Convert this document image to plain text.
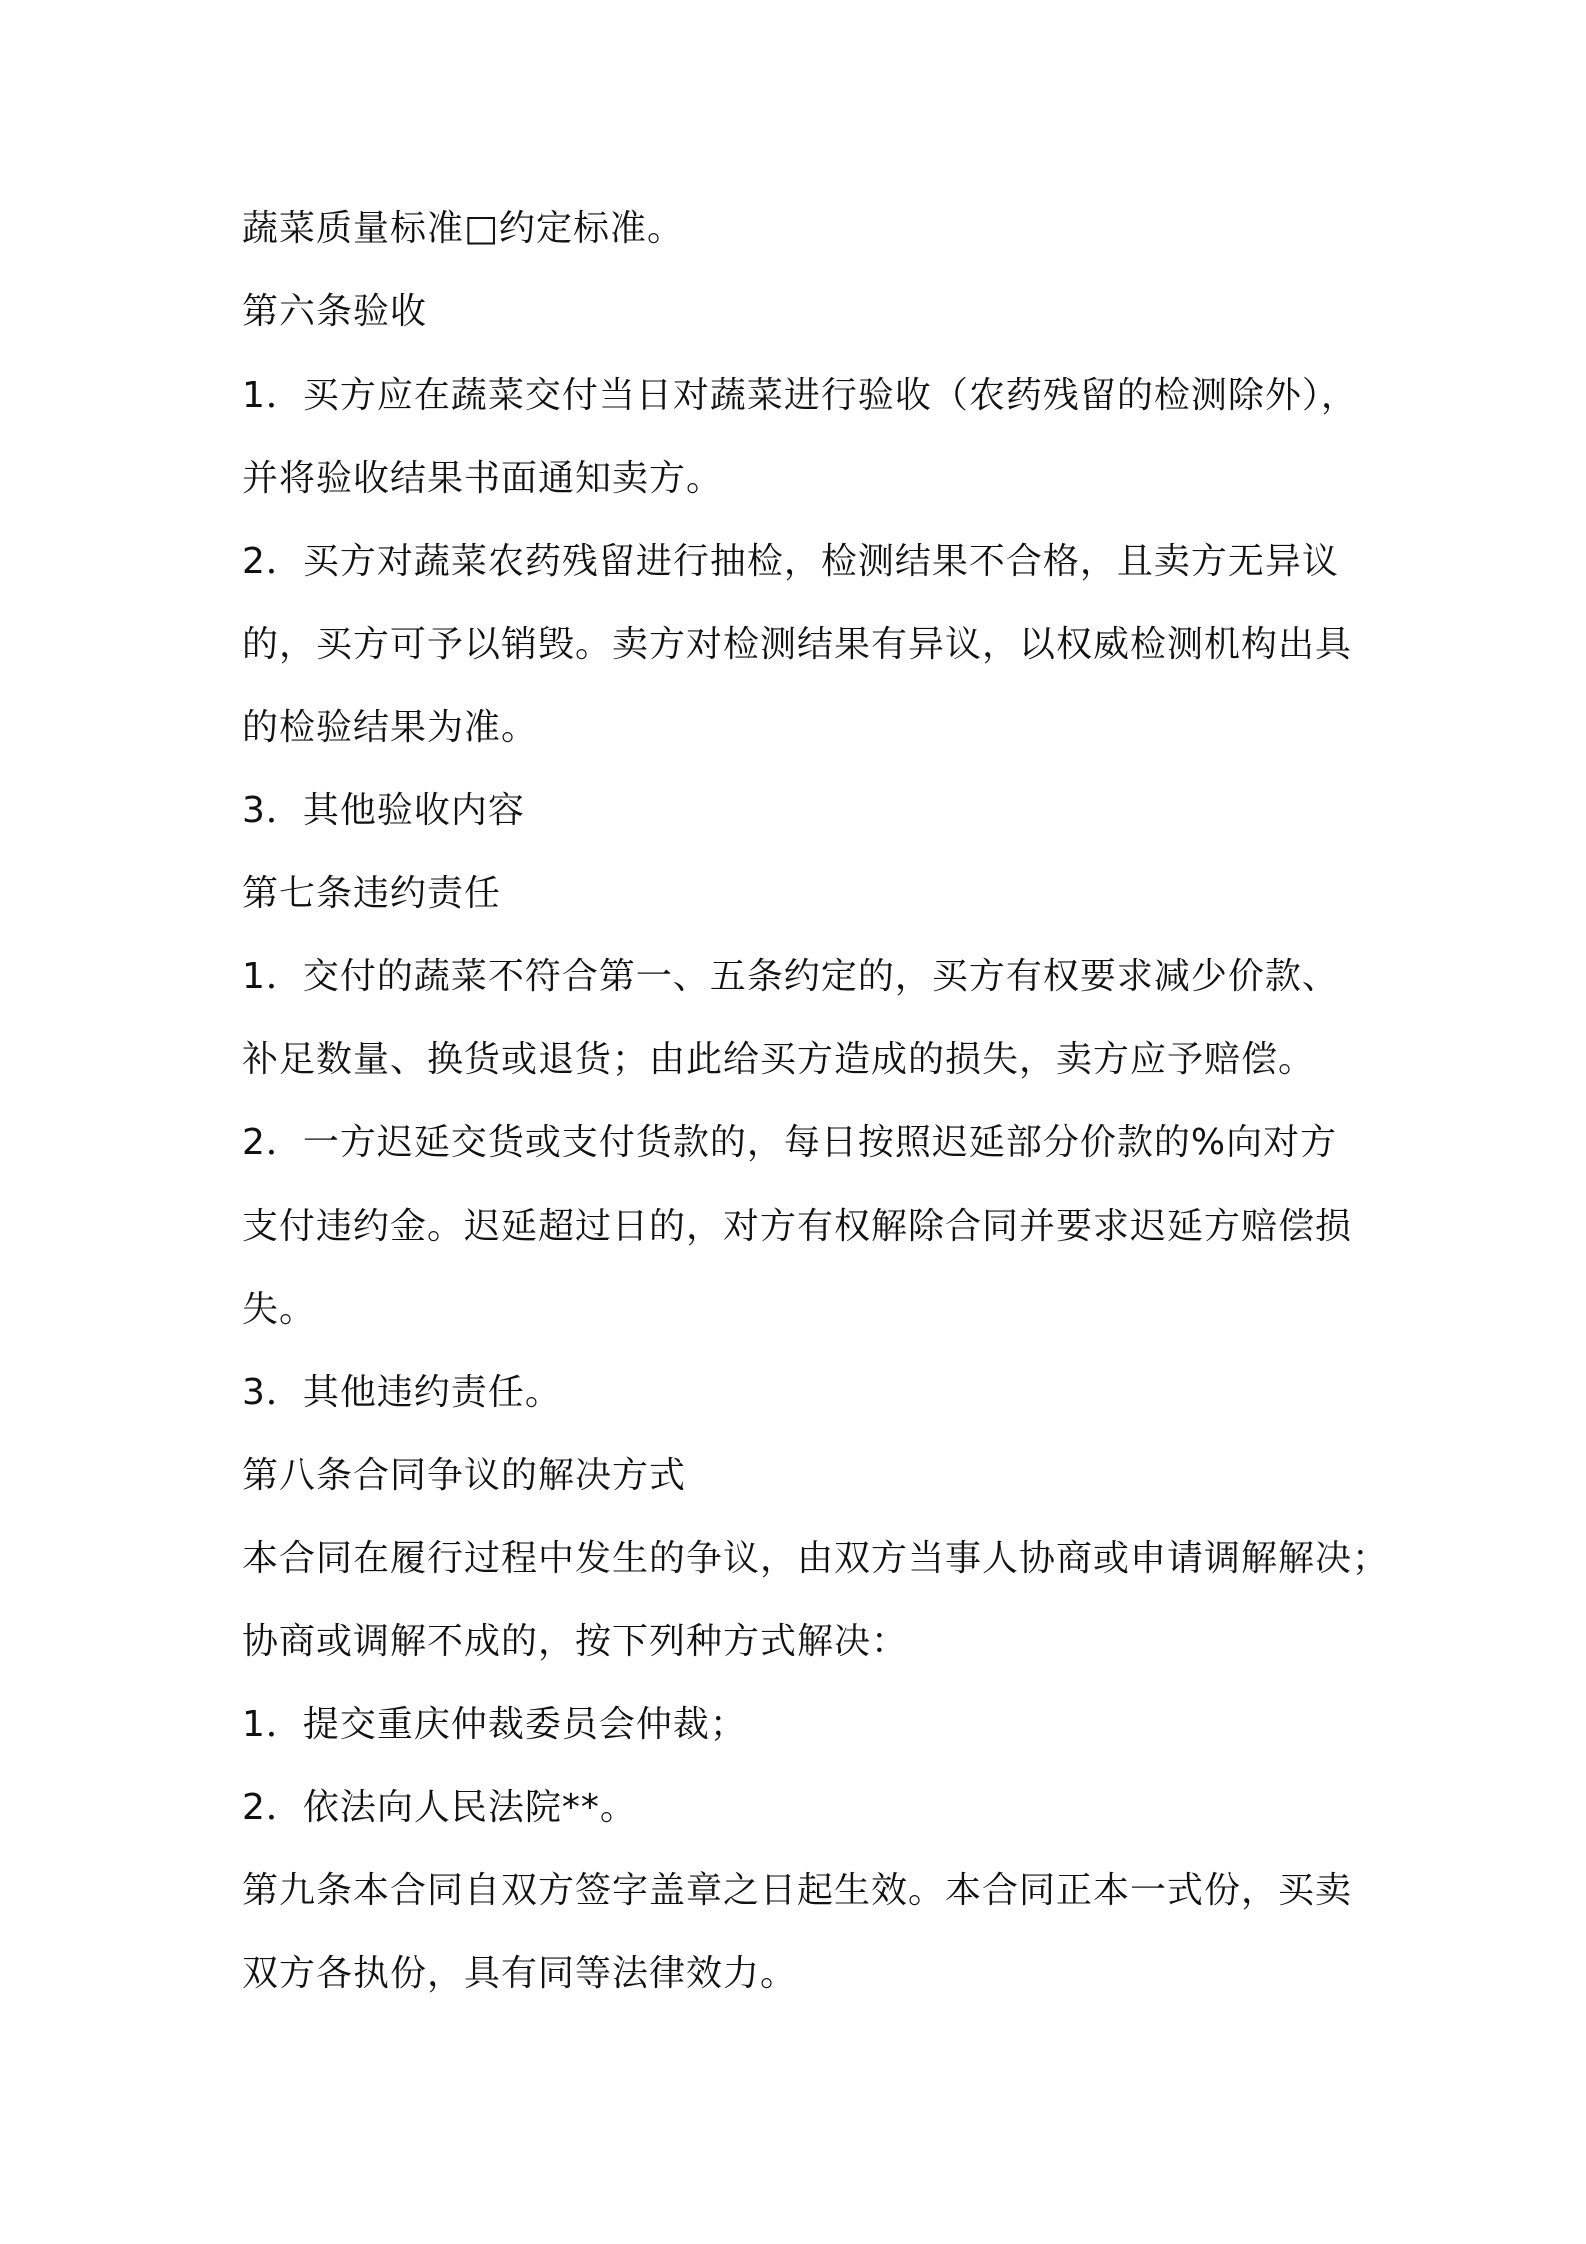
蔬菜质量标准□约定标准。
第六条验收
1．买方应在蔬菜交付当日对蔬菜进行验收（农药残留的检测除外），
并将验收结果书面通知卖方。
2．买方对蔬菜农药残留进行抽检，检测结果不合格，且卖方无异议
的，买方可予以销毁。卖方对检测结果有异议，以权威检测机构出具
的检验结果为准。
3．其他验收内容
第七条违约责任
1．交付的蔬菜不符合第一、五条约定的，买方有权要求减少价款、
补足数量、换货或退货；由此给买方造成的损失，卖方应予赔偿。
2．一方迟延交货或支付货款的，每日按照迟延部分价款的%向对方
支付违约金。迟延超过日的，对方有权解除合同并要求迟延方赔偿损
失。
3．其他违约责任。
第八条合同争议的解决方式
本合同在履行过程中发生的争议，由双方当事人协商或申请调解解决；
协商或调解不成的，按下列种方式解决：
1．提交重庆仲裁委员会仲裁；
2．依法向人民法院**。
第九条本合同自双方签字盖章之日起生效。本合同正本一式份，买卖
双方各执份，具有同等法律效力。
